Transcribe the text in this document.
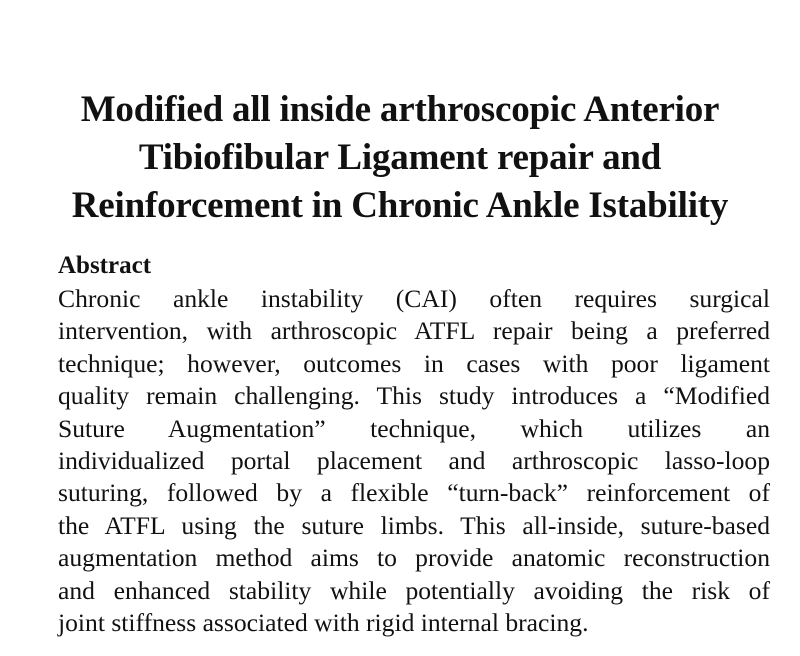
Modified all inside arthroscopic Anterior
Tibiofibular Ligament repair and
Reinforcement in Chronic Ankle Istability
Abstract
Chronic ankle instability (CAI) often requires surgical
intervention, with arthroscopic ATFL repair being a preferred
technique; however, outcomes in cases with poor ligament
quality remain challenging. This study introduces a “Modified
Suture Augmentation” technique, which utilizes an
individualized portal placement and arthroscopic lasso-loop
suturing, followed by a flexible “turn-back” reinforcement of
the ATFL using the suture limbs. This all-inside, suture-based
augmentation method aims to provide anatomic reconstruction
and enhanced stability while potentially avoiding the risk of
joint stiffness associated with rigid internal bracing.
